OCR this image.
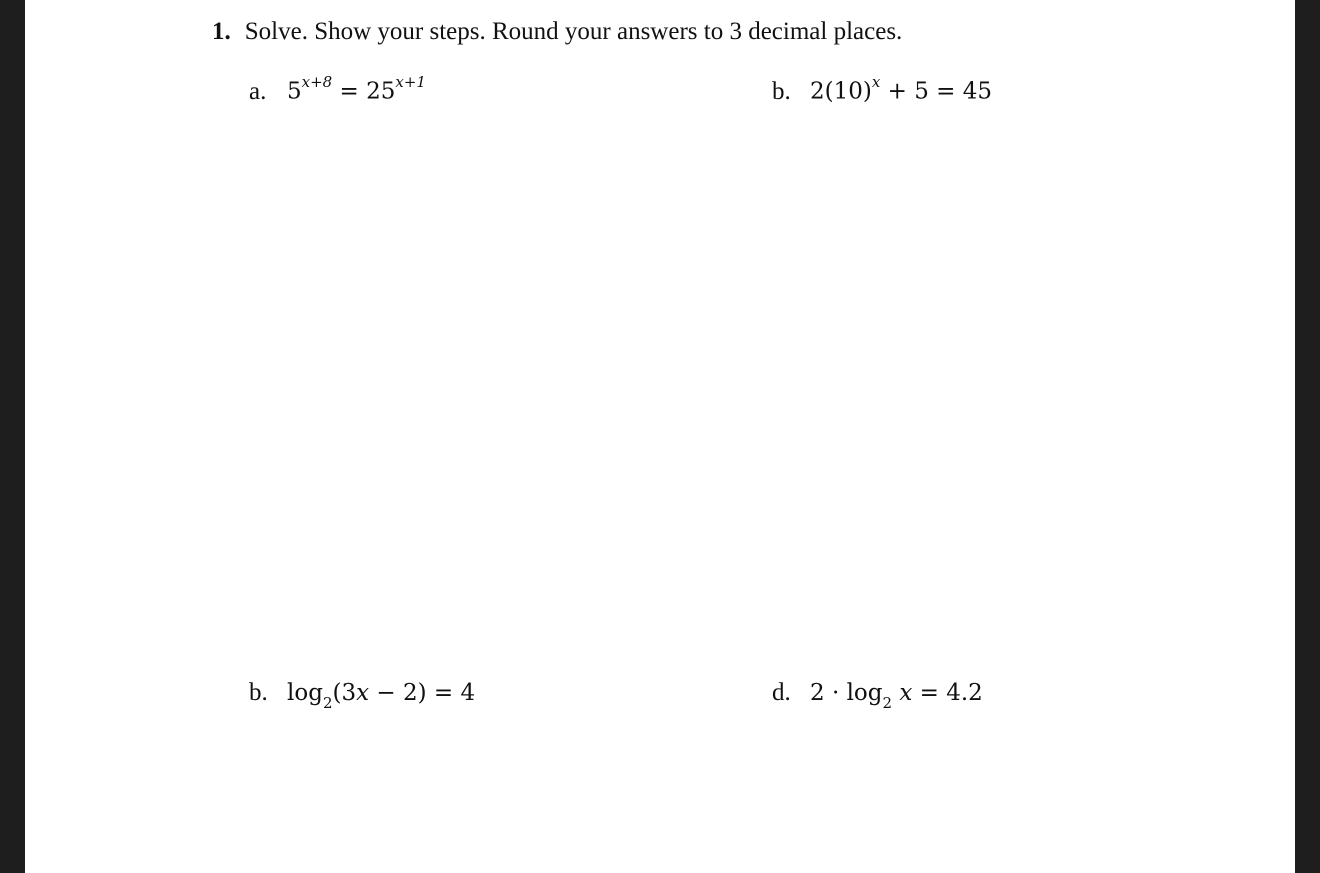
1. Solve. Show your steps. Round your answers to 3 decimal places.
a. $5^{x+8} = 25^{x+1}$	b. $2(10)^x + 5 = 45$
b. $\log_2(3x - 2) = 4$	d. $2 \cdot \log_2 x = 4.2$
